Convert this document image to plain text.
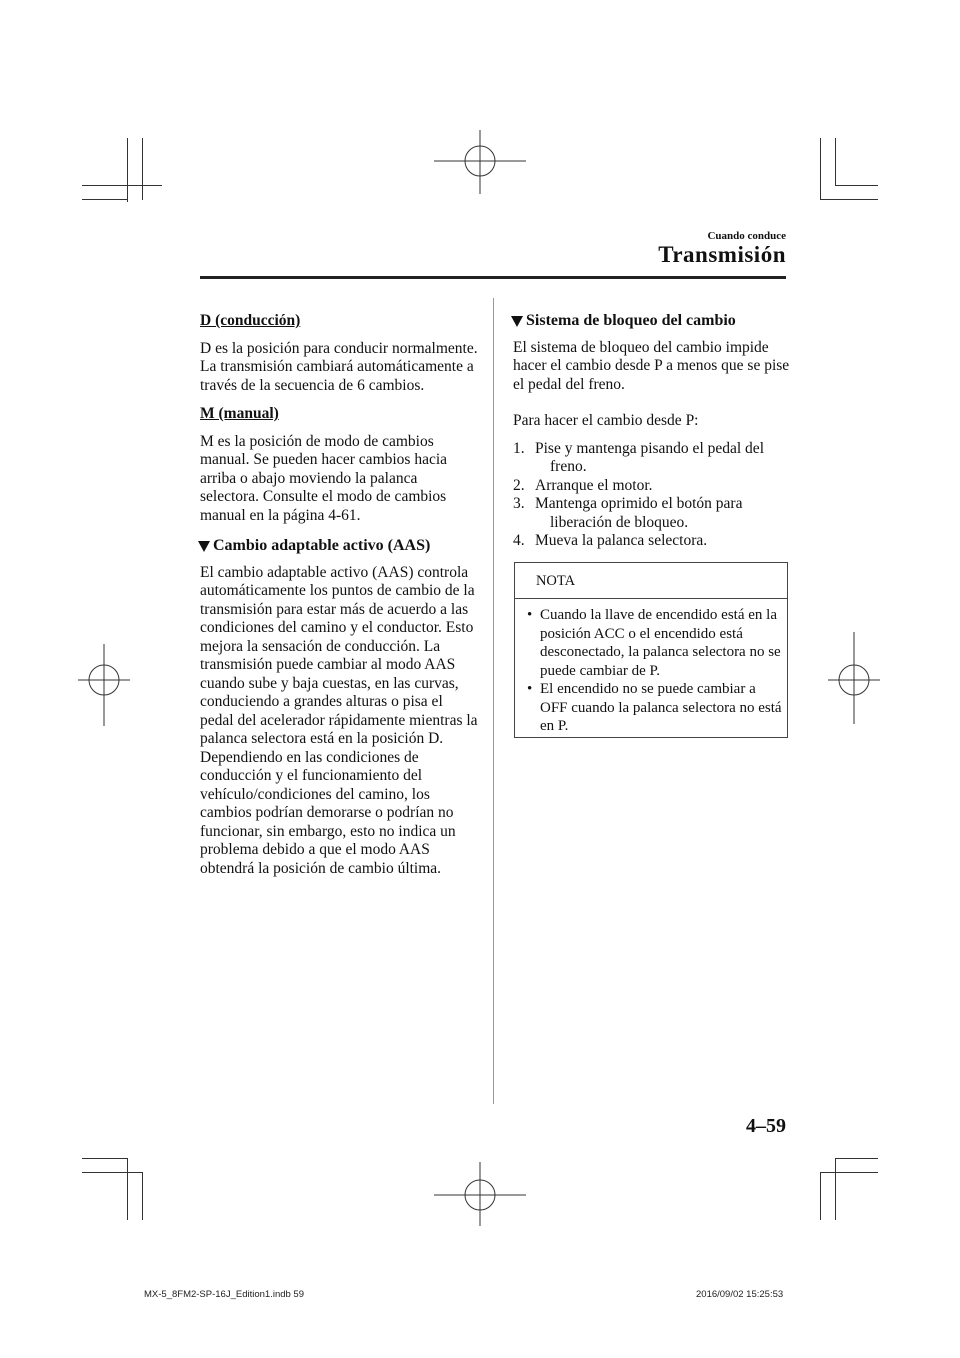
Cuando conduce
Transmisión

D (conducción)

D es la posición para conducir normalmente. La transmisión cambiará automáticamente a través de la secuencia de 6 cambios.

M (manual)

M es la posición de modo de cambios manual. Se pueden hacer cambios hacia arriba o abajo moviendo la palanca selectora. Consulte el modo de cambios manual en la página 4-61.

Cambio adaptable activo (AAS)

El cambio adaptable activo (AAS) controla automáticamente los puntos de cambio de la transmisión para estar más de acuerdo a las condiciones del camino y el conductor. Esto mejora la sensación de conducción. La transmisión puede cambiar al modo AAS cuando sube y baja cuestas, en las curvas, conduciendo a grandes alturas o pisa el pedal del acelerador rápidamente mientras la palanca selectora está en la posición D. Dependiendo en las condiciones de conducción y el funcionamiento del vehículo/condiciones del camino, los cambios podrían demorarse o podrían no funcionar, sin embargo, esto no indica un problema debido a que el modo AAS obtendrá la posición de cambio última.

Sistema de bloqueo del cambio

El sistema de bloqueo del cambio impide hacer el cambio desde P a menos que se pise el pedal del freno.

Para hacer el cambio desde P:

1. Pise y mantenga pisando el pedal del
freno.
2. Arranque el motor.
3. Mantenga oprimido el botón para
liberación de bloqueo.
4. Mueva la palanca selectora.
NOTA
• Cuando la llave de encendido está en la posición ACC o el encendido está desconectado, la palanca selectora no se puede cambiar de P.
• El encendido no se puede cambiar a OFF cuando la palanca selectora no está en P.
4–59
MX-5_8FM2-SP-16J_Edition1.indb 59	2016/09/02 15:25:53
